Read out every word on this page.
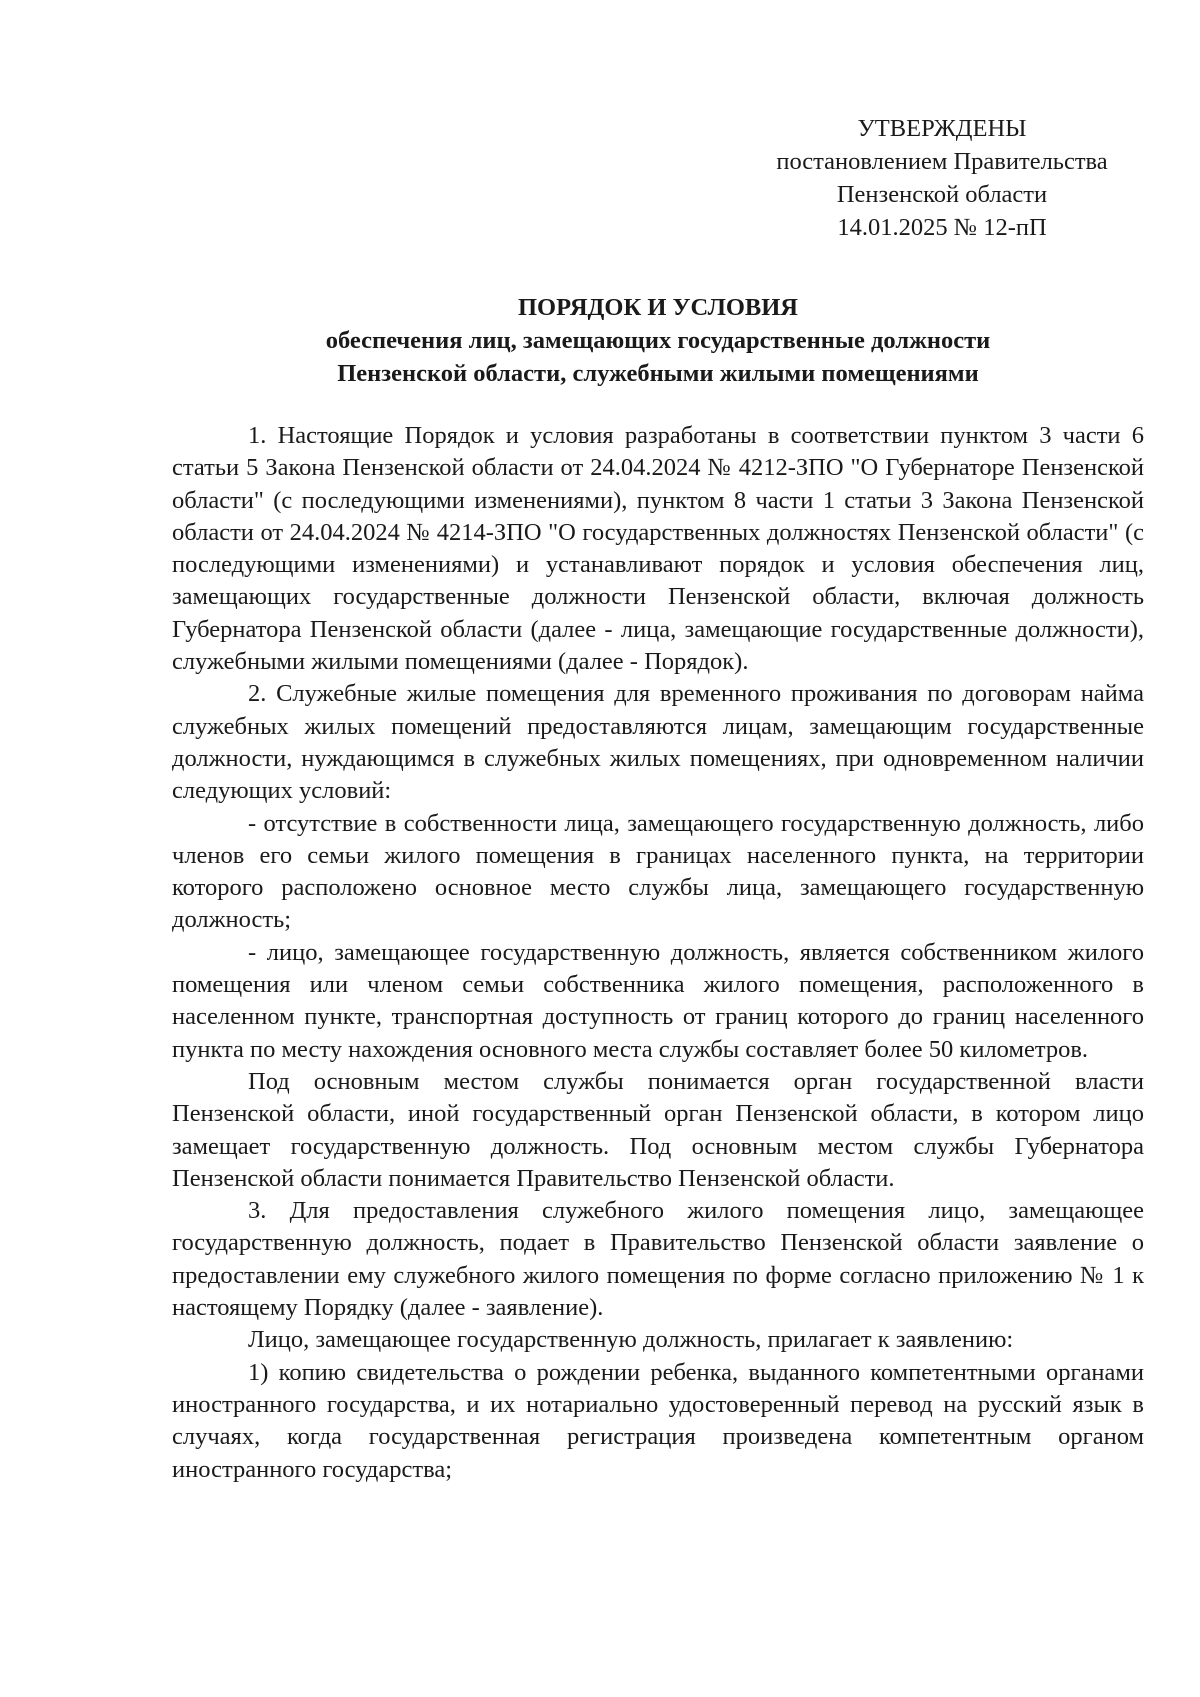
УТВЕРЖДЕНЫ
постановлением Правительства
Пензенской области
14.01.2025 № 12-пП
ПОРЯДОК И УСЛОВИЯ
обеспечения лиц, замещающих государственные должности
Пензенской области, служебными жилыми помещениями

1. Настоящие Порядок и условия разработаны в соответствии пунктом 3 части 6 статьи 5 Закона Пензенской области от 24.04.2024 № 4212-ЗПО "О Губернаторе Пензенской области" (с последующими изменениями), пунктом 8 части 1 статьи 3 Закона Пензенской области от 24.04.2024 № 4214-ЗПО "О государственных должностях Пензенской области" (с последующими изменениями) и устанавливают порядок и условия обеспечения лиц, замещающих государственные должности Пензенской области, включая должность Губернатора Пензенской области (далее - лица, замещающие государственные должности), служебными жилыми помещениями (далее - Порядок).

2. Служебные жилые помещения для временного проживания по договорам найма служебных жилых помещений предоставляются лицам, замещающим государственные должности, нуждающимся в служебных жилых помещениях, при одновременном наличии следующих условий:

- отсутствие в собственности лица, замещающего государственную должность, либо членов его семьи жилого помещения в границах населенного пункта, на территории которого расположено основное место службы лица, замещающего государственную должность;

- лицо, замещающее государственную должность, является собственником жилого помещения или членом семьи собственника жилого помещения, расположенного в населенном пункте, транспортная доступность от границ которого до границ населенного пункта по месту нахождения основного места службы составляет более 50 километров.

Под основным местом службы понимается орган государственной власти Пензенской области, иной государственный орган Пензенской области, в котором лицо замещает государственную должность. Под основным местом службы Губернатора Пензенской области понимается Правительство Пензенской области.

3. Для предоставления служебного жилого помещения лицо, замещающее государственную должность, подает в Правительство Пензенской области заявление о предоставлении ему служебного жилого помещения по форме согласно приложению № 1 к настоящему Порядку (далее - заявление).

Лицо, замещающее государственную должность, прилагает к заявлению:

1) копию свидетельства о рождении ребенка, выданного компетентными органами иностранного государства, и их нотариально удостоверенный перевод на русский язык в случаях, когда государственная регистрация произведена компетентным органом иностранного государства;
